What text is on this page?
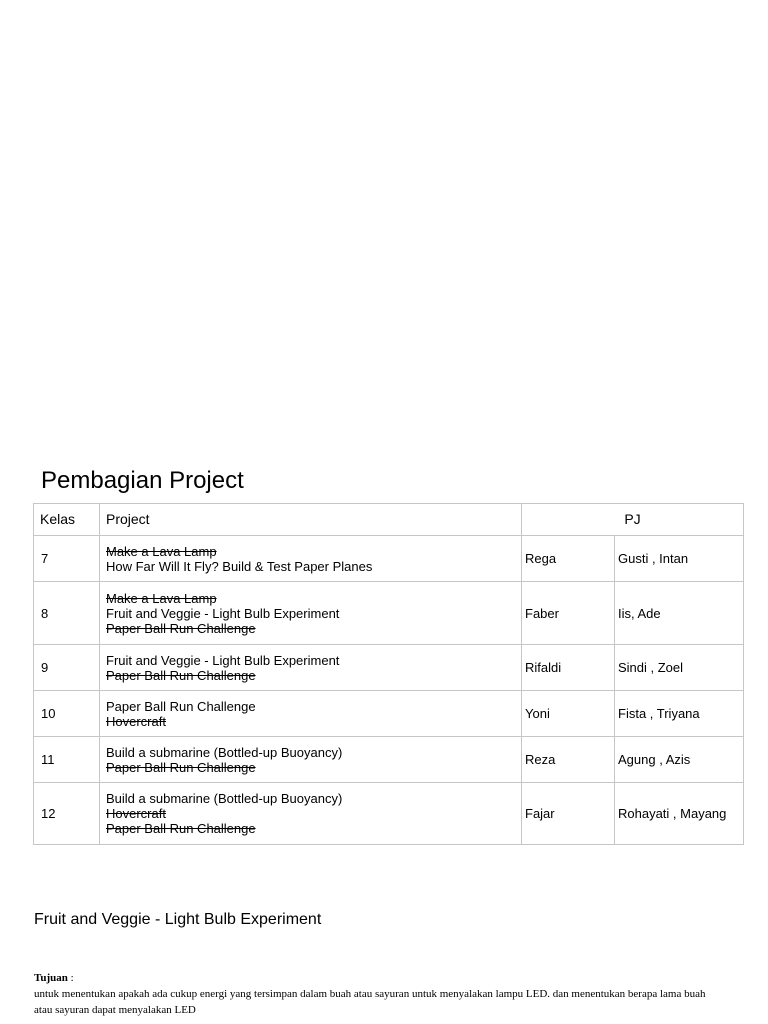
Pembagian Project
Kelas	Project	PJ	
7	Make a Lava Lamp
How Far Will It Fly? Build & Test Paper Planes	Rega	Gusti , Intan
8	Make a Lava Lamp
Fruit and Veggie - Light Bulb Experiment
Paper Ball Run Challenge	Faber	Iis, Ade
9	Fruit and Veggie - Light Bulb Experiment
Paper Ball Run Challenge	Rifaldi	Sindi , Zoel
10	Paper Ball Run Challenge
Hovercraft	Yoni	Fista , Triyana
11	Build a submarine (Bottled-up Buoyancy)
Paper Ball Run Challenge	Reza	Agung , Azis
12	Build a submarine (Bottled-up Buoyancy)
Hovercraft
Paper Ball Run Challenge	Fajar	Rohayati , Mayang
Fruit and Veggie - Light Bulb Experiment
Tujuan :
untuk menentukan apakah ada cukup energi yang tersimpan dalam buah atau sayuran untuk menyalakan lampu LED. dan menentukan berapa lama buah atau sayuran dapat menyalakan LED
